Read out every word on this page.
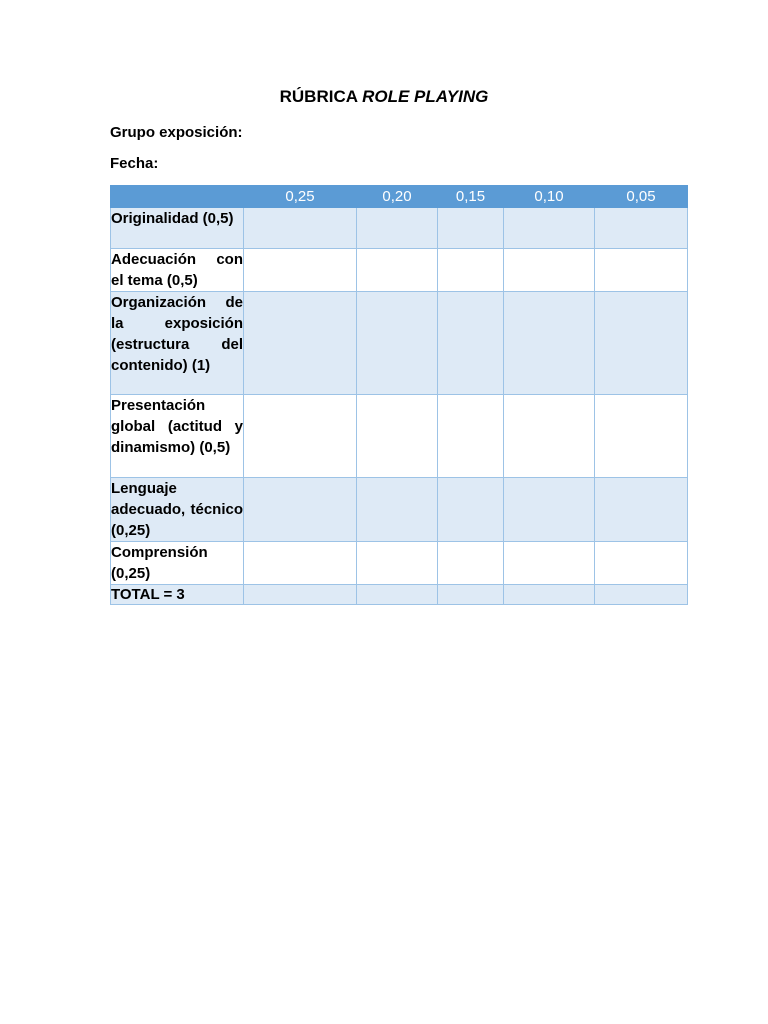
RÚBRICA ROLE PLAYING

Grupo exposición:

Fecha:

	0,25	0,20	0,15	0,10	0,05
Originalidad (0,5)					
Adecuación con el tema (0,5)					
Organización de la exposición (estructura del contenido) (1)					
Presentación global (actitud y dinamismo) (0,5)					
Lenguaje adecuado, técnico (0,25)					
Comprensión (0,25)					
TOTAL = 3					
